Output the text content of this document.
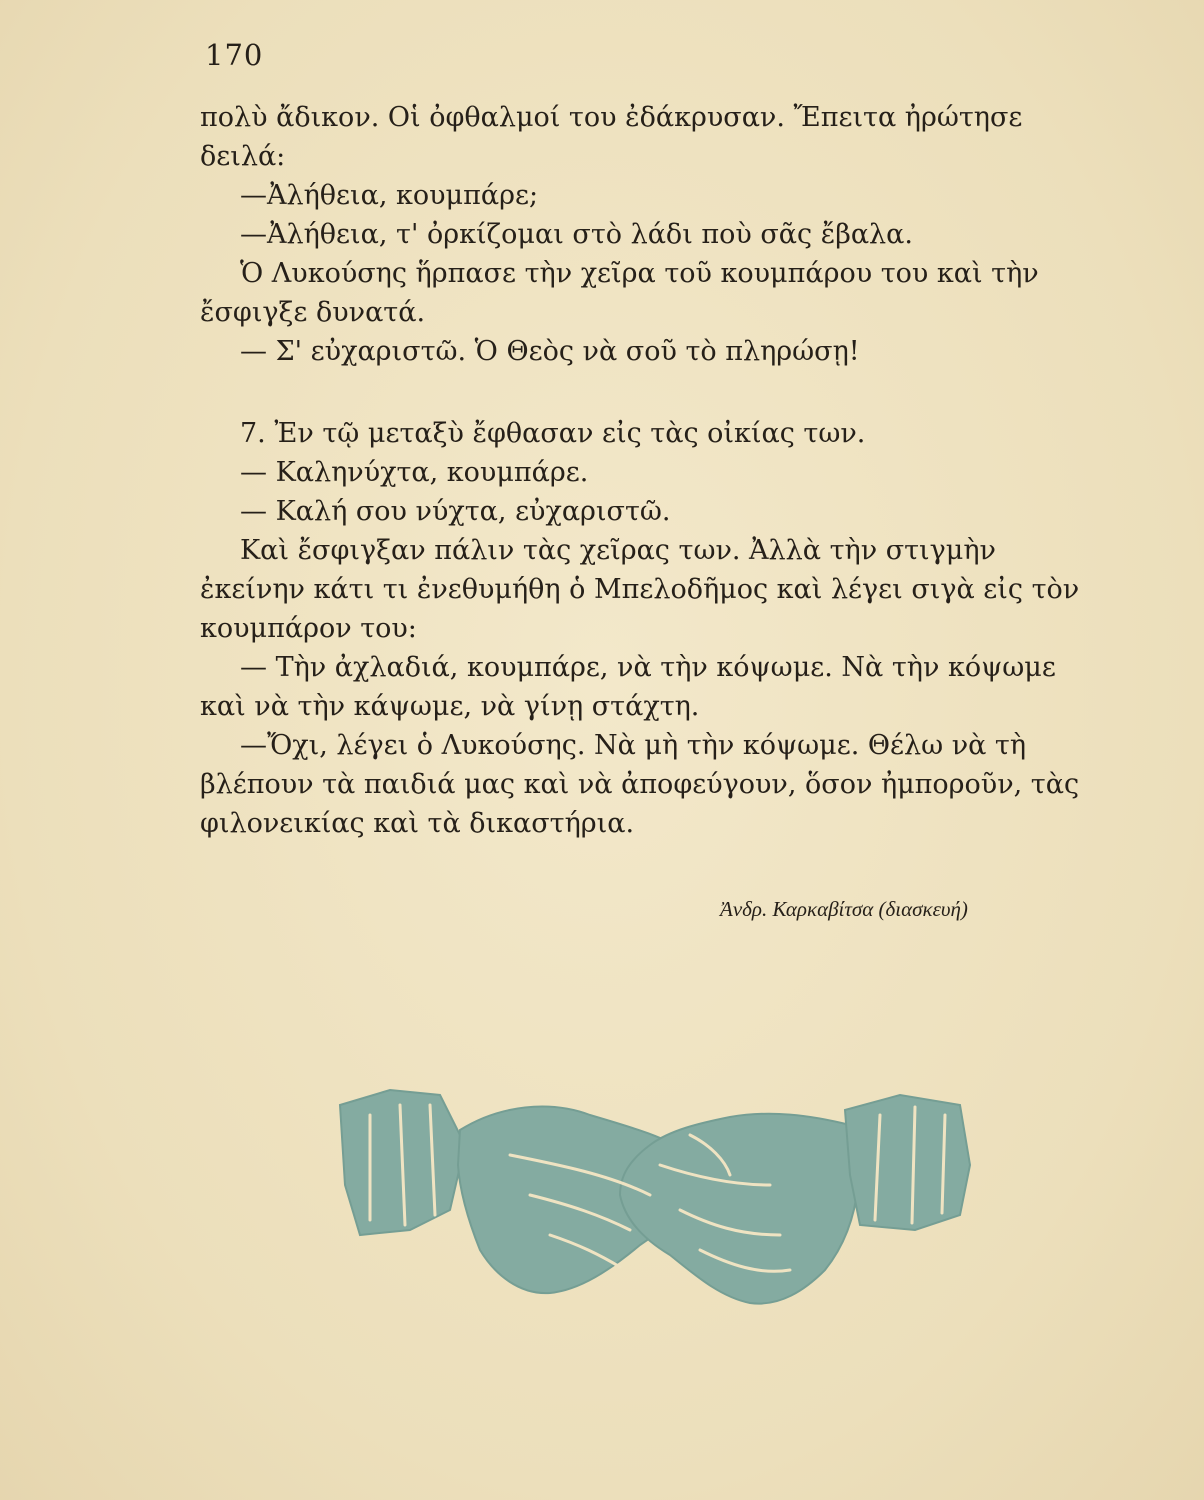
170
πολὺ ἄδικον. Οἱ ὀφθαλμοί του ἐδάκρυσαν. Ἔπειτα ἠρώτησε
δειλά:
—Ἀλήθεια, κουμπάρε;
—Ἀλήθεια, τ' ὀρκίζομαι στὸ λάδι ποὺ σᾶς ἔβαλα.
Ὁ Λυκούσης ἥρπασε τὴν χεῖρα τοῦ κουμπάρου του καὶ τὴν
ἔσφιγξε δυνατά.
— Σ' εὐχαριστῶ. Ὁ Θεὸς νὰ σοῦ τὸ πληρώσῃ!
7. Ἐν τῷ μεταξὺ ἔφθασαν εἰς τὰς οἰκίας των.
— Καληνύχτα, κουμπάρε.
— Καλή σου νύχτα, εὐχαριστῶ.
Καὶ ἔσφιγξαν πάλιν τὰς χεῖρας των. Ἀλλὰ τὴν στιγμὴν
ἐκείνην κάτι τι ἐνεθυμήθη ὁ Μπελοδῆμος καὶ λέγει σιγὰ εἰς τὸν
κουμπάρον του:
— Τὴν ἀχλαδιά, κουμπάρε, νὰ τὴν κόψωμε. Νὰ τὴν κόψωμε
καὶ νὰ τὴν κάψωμε, νὰ γίνῃ στάχτη.
—Ὄχι, λέγει ὁ Λυκούσης. Νὰ μὴ τὴν κόψωμε. Θέλω νὰ τὴ
βλέπουν τὰ παιδιά μας καὶ νὰ ἀποφεύγουν, ὅσον ἠμποροῦν, τὰς
φιλονεικίας καὶ τὰ δικαστήρια.
Ἀνδρ. Καρκαβίτσα (διασκευή)
